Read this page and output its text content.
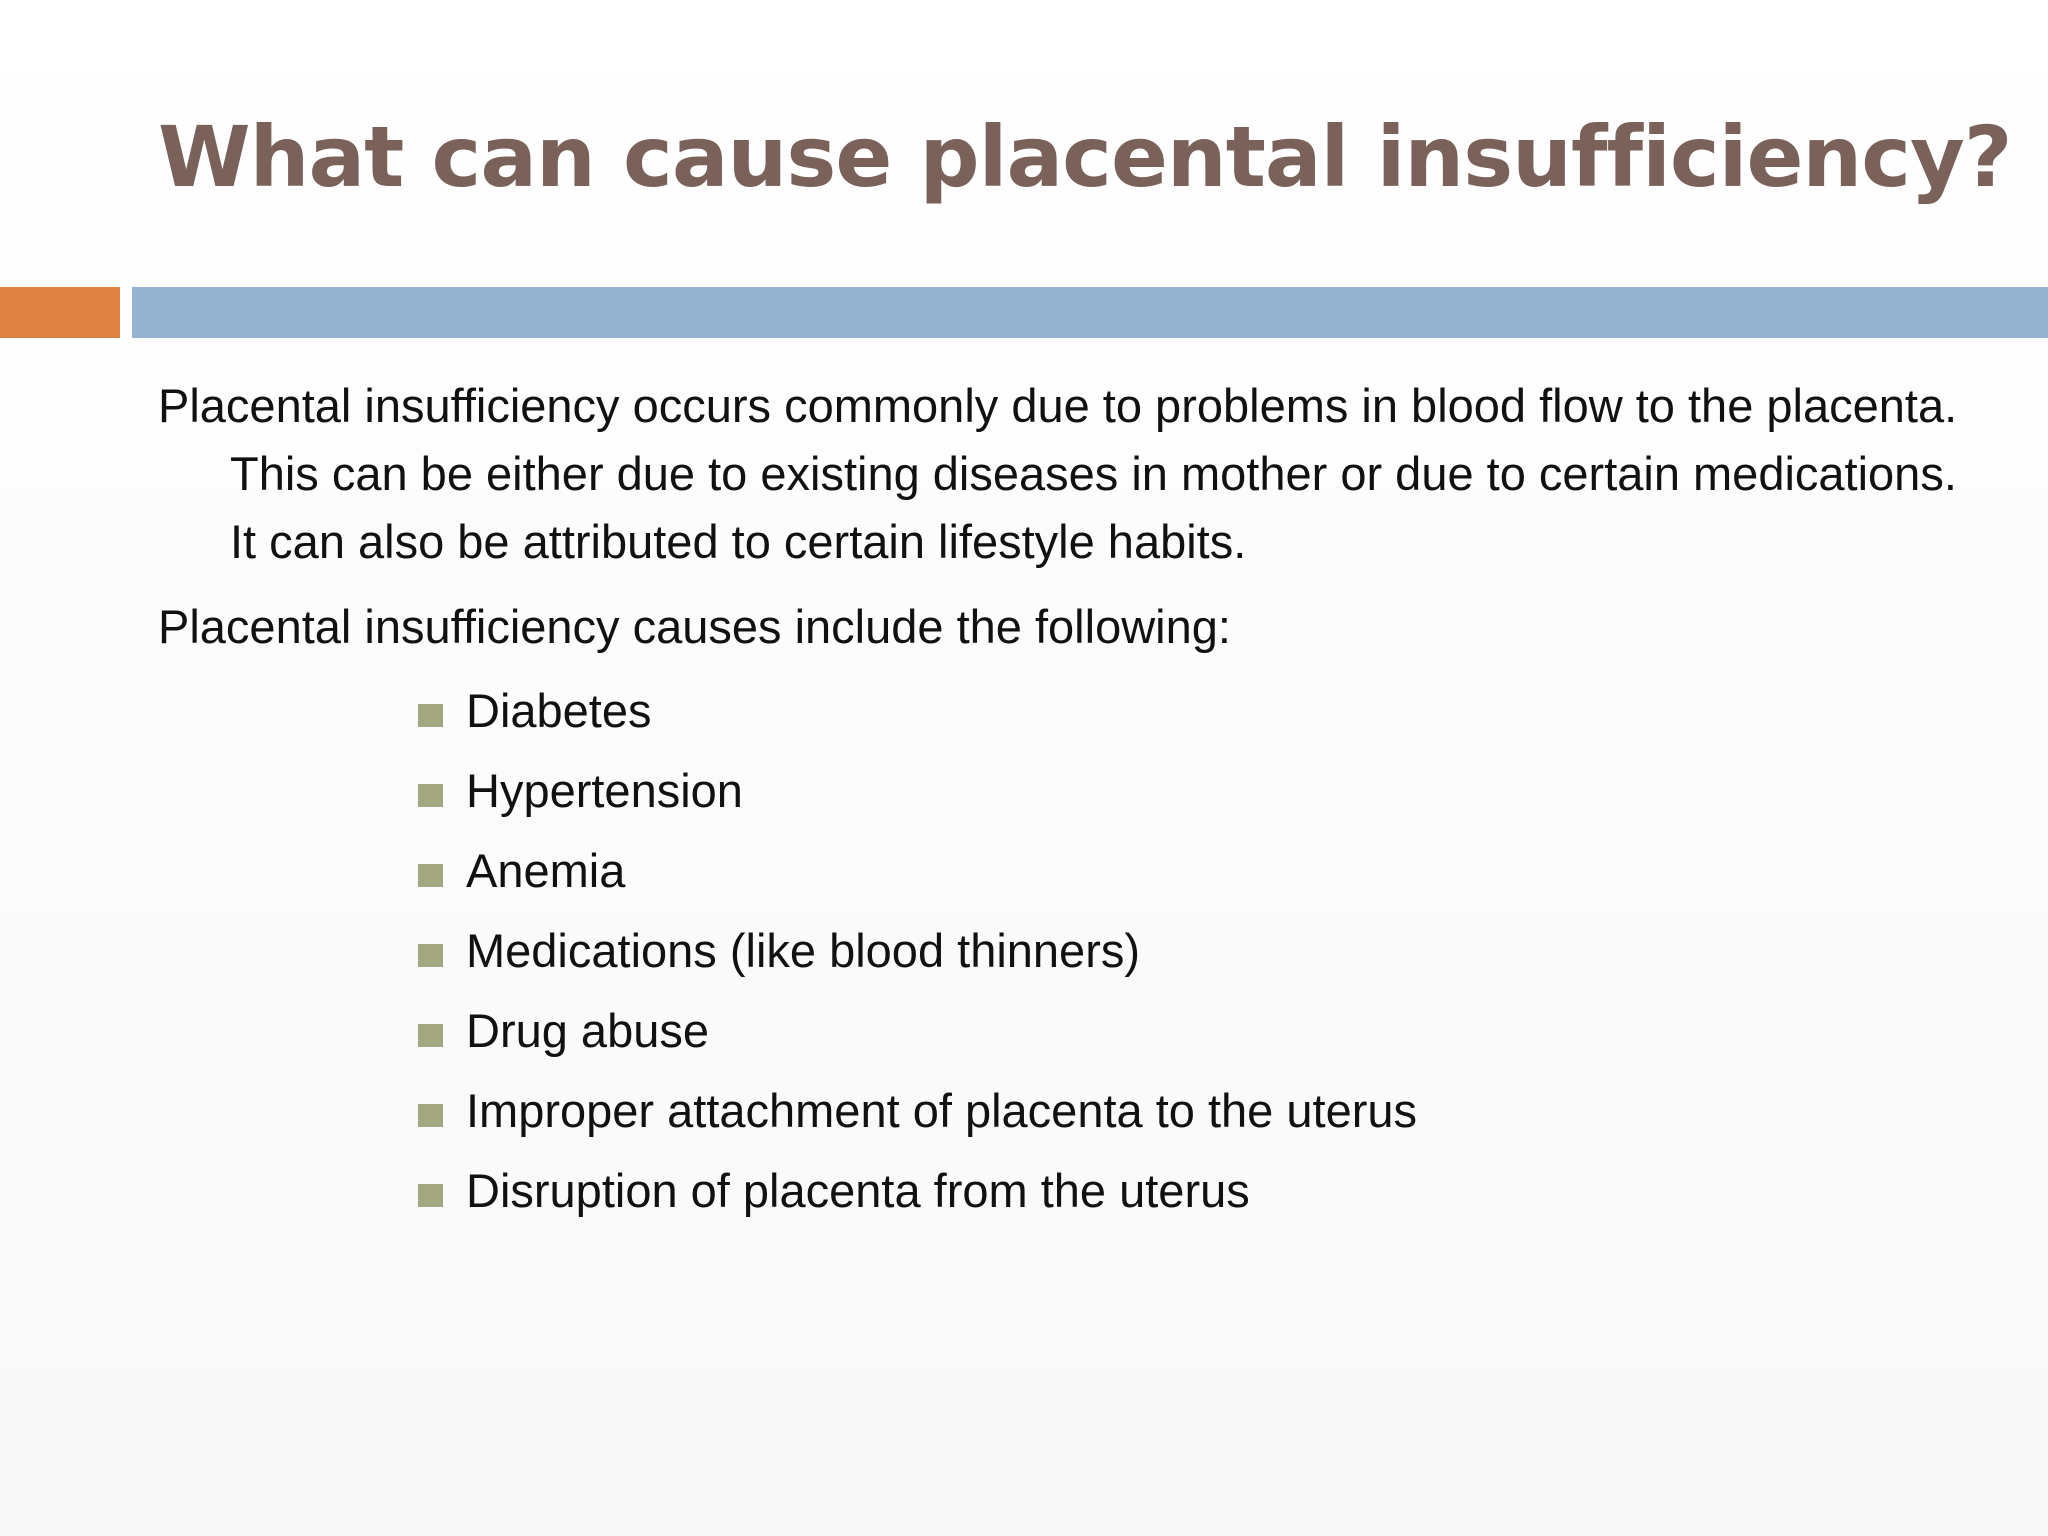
What can cause placental insufficiency?

Placental insufficiency occurs commonly due to problems in blood flow to the placenta. This can be either due to existing diseases in mother or due to certain medications. It can also be attributed to certain lifestyle habits.

Placental insufficiency causes include the following:

Diabetes
Hypertension
Anemia
Medications (like blood thinners)
Drug abuse
Improper attachment of placenta to the uterus
Disruption of placenta from the uterus
